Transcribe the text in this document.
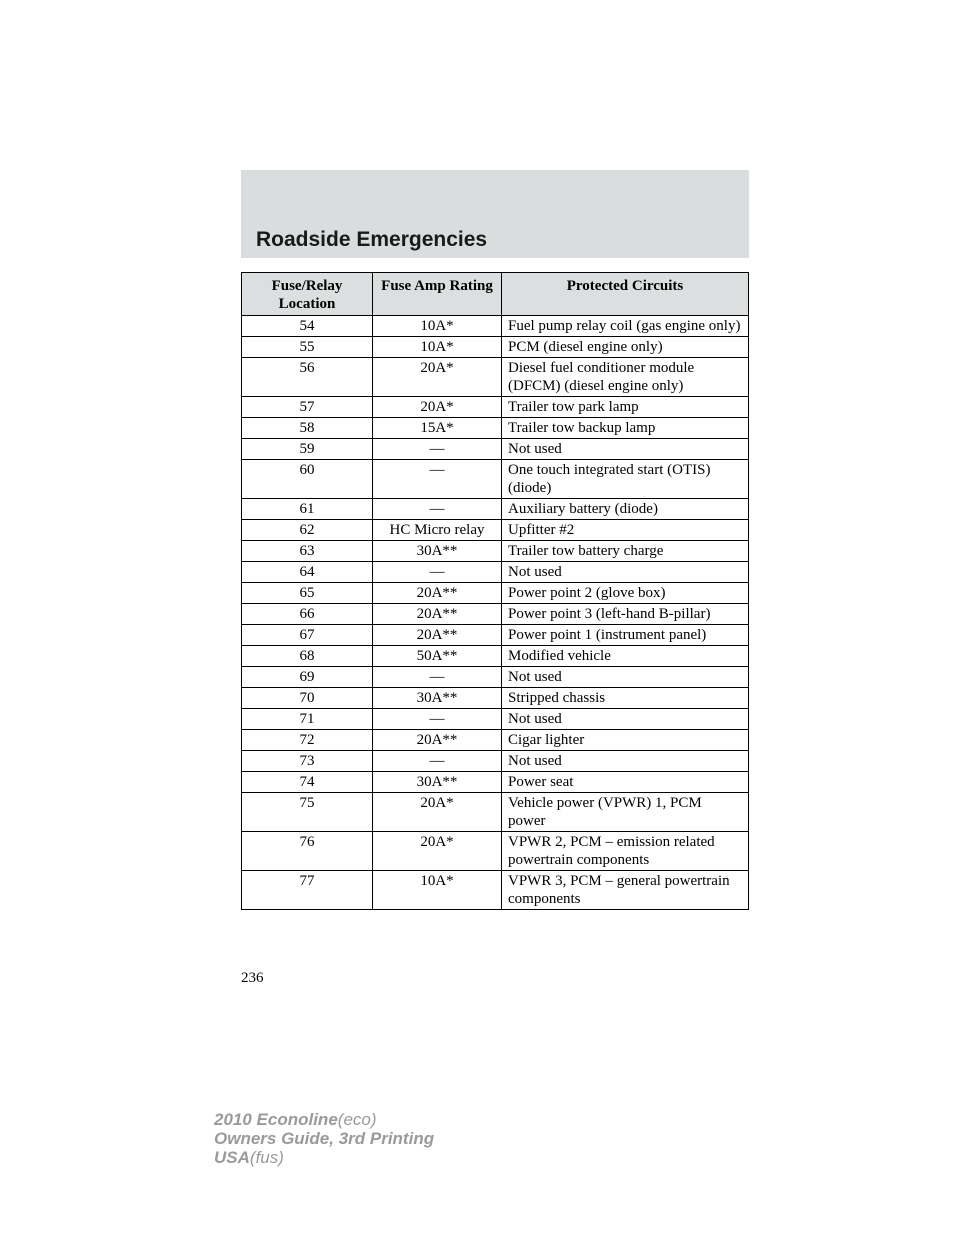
Roadside Emergencies
Fuse/Relay Location	Fuse Amp Rating	Protected Circuits
54	10A*	Fuel pump relay coil (gas engine only)
55	10A*	PCM (diesel engine only)
56	20A*	Diesel fuel conditioner module (DFCM) (diesel engine only)
57	20A*	Trailer tow park lamp
58	15A*	Trailer tow backup lamp
59	—	Not used
60	—	One touch integrated start (OTIS) (diode)
61	—	Auxiliary battery (diode)
62	HC Micro relay	Upfitter #2
63	30A**	Trailer tow battery charge
64	—	Not used
65	20A**	Power point 2 (glove box)
66	20A**	Power point 3 (left-hand B-pillar)
67	20A**	Power point 1 (instrument panel)
68	50A**	Modified vehicle
69	—	Not used
70	30A**	Stripped chassis
71	—	Not used
72	20A**	Cigar lighter
73	—	Not used
74	30A**	Power seat
75	20A*	Vehicle power (VPWR) 1, PCM power
76	20A*	VPWR 2, PCM – emission related powertrain components
77	10A*	VPWR 3, PCM – general powertrain components
236
2010 Econoline(eco)
Owners Guide, 3rd Printing
USA(fus)
